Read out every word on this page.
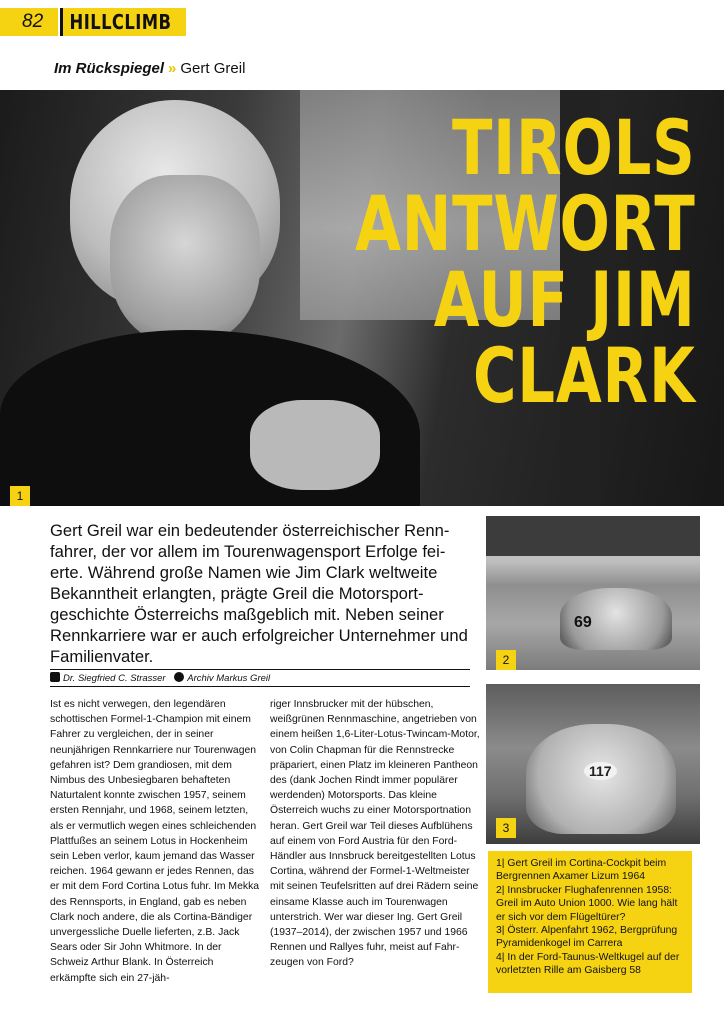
82	HILLCLIMB
Im Rückspiegel » Gert Greil
TIROLS
ANTWORT
AUF JIM
CLARK
1

Gert Greil war ein bedeutender österreichischer Rennfahrer, der vor allem im Tourenwagensport Erfolge feierte. Während große Namen wie Jim Clark weltweite Bekanntheit erlangten, prägte Greil die Motorsportgeschichte Österreichs maßgeblich mit. Neben seiner Rennkarriere war er auch erfolgreicher Unternehmer und Familienvater.

Dr. Siegfried C. Strasser Archiv Markus Greil

Ist es nicht verwegen, den legendären schottischen Formel-1-Champion mit einem Fahrer zu vergleichen, der in seiner neunjährigen Rennkarriere nur Tourenwagen gefahren ist? Dem grandiosen, mit dem Nimbus des Unbesiegbaren behafteten Naturtalent konnte zwischen 1957, seinem ersten Rennjahr, und 1968, seinem letzten, als er vermutlich wegen eines schleichenden Plattfußes an seinem Lotus in Hockenheim sein Leben verlor, kaum jemand das Wasser reichen. 1964 gewann er jedes Rennen, das er mit dem Ford Cortina Lotus fuhr. Im Mekka des Rennsports, in England, gab es neben Clark noch andere, die als Cortina-Bändiger unvergessliche Duelle lieferten, z.B. Jack Sears oder Sir John Whitmore. In der Schweiz Arthur Blank. In Österreich erkämpfte sich ein 27-jäh-

riger Innsbrucker mit der hübschen, weißgrünen Rennmaschine, angetrieben von einem heißen 1,6-Liter-Lotus-Twincam-Motor, von Colin Chapman für die Rennstrecke präpariert, einen Platz im kleineren Pantheon des (dank Jochen Rindt immer populärer werdenden) Motorsports. Das kleine Österreich wuchs zu einer Motorsportnation heran. Gert Greil war Teil dieses Aufblühens auf einem von Ford Austria für den Ford-Händler aus Innsbruck bereitgestellten Lotus Cortina, während der Formel-1-Weltmeister mit seinen Teufelsritten auf drei Rädern seine einsame Klasse auch im Tourenwagen unterstrich. Wer war dieser Ing. Gert Greil (1937–2014), der zwischen 1957 und 1966 Rennen und Rallyes fuhr, meist auf Fahrzeugen von Ford?

69
2
117
3
1| Gert Greil im Cortina-Cockpit beim Bergrennen Axamer Lizum 1964
2| Innsbrucker Flughafenrennen 1958: Greil im Auto Union 1000. Wie lang hält er sich vor dem Flügeltürer?
3| Österr. Alpenfahrt 1962, Bergprüfung Pyramidenkogel im Carrera
4| In der Ford-Taunus-Weltkugel auf der vorletzten Rille am Gaisberg 58
